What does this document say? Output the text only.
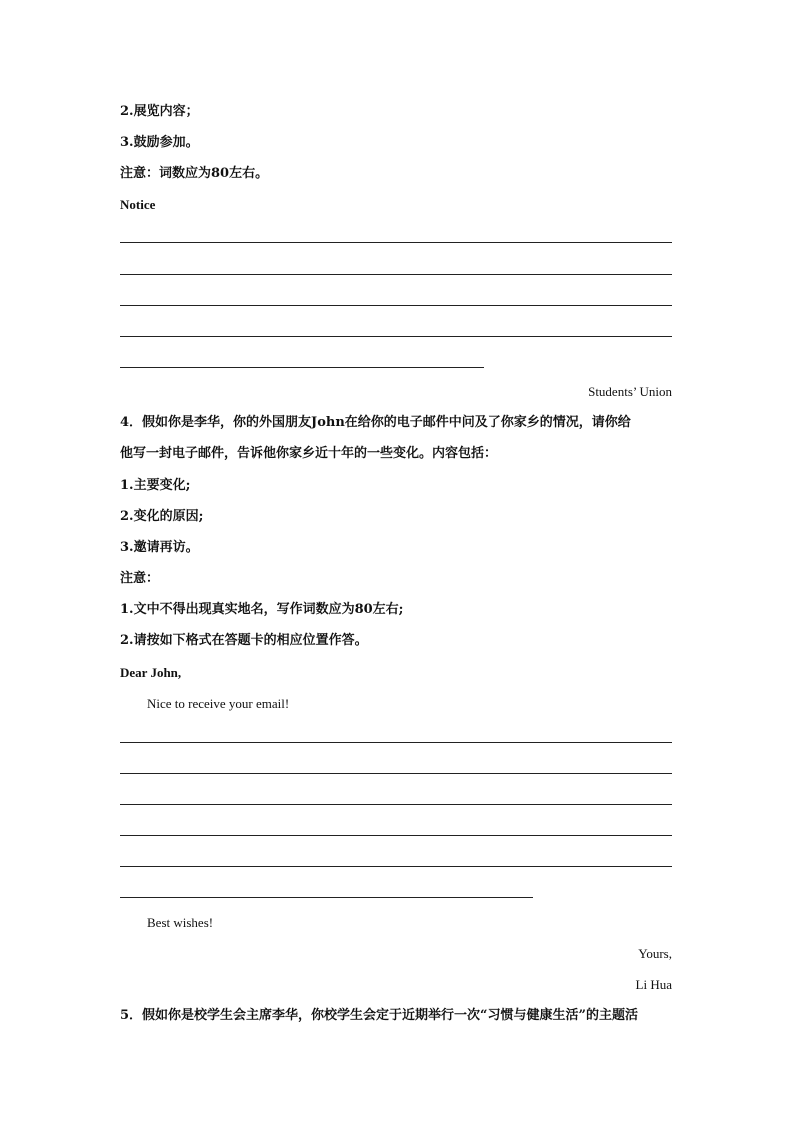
2.展览内容；
3.鼓励参加。
注意：词数应为80左右。
Notice
Students’ Union
4．假如你是李华，你的外国朋友John在给你的电子邮件中问及了你家乡的情况，请你给
他写一封电子邮件，告诉他你家乡近十年的一些变化。内容包括：
1.主要变化;
2.变化的原因;
3.邀请再访。
注意：
1.文中不得出现真实地名，写作词数应为80左右;
2.请按如下格式在答题卡的相应位置作答。
Dear John,
Nice to receive your email!
Best wishes!
Yours,
Li Hua
5．假如你是校学生会主席李华，你校学生会定于近期举行一次“习惯与健康生活”的主题活
